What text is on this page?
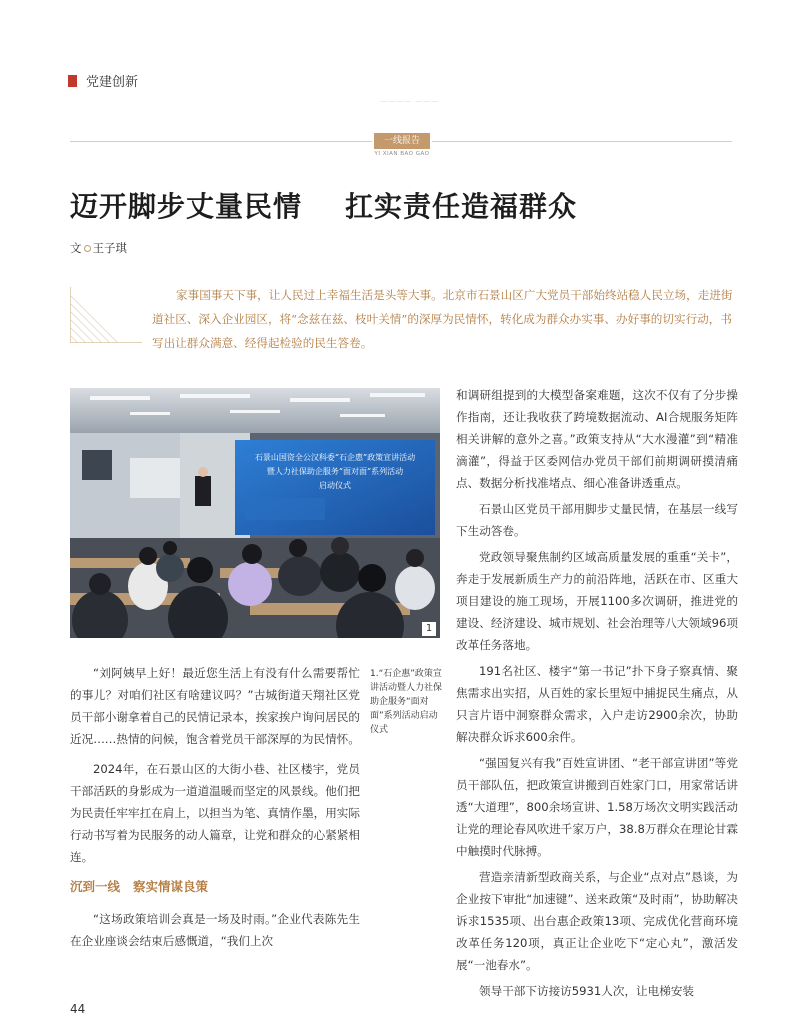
党建创新
———— ———
一线报告
YI XIAN BAO GAO
迈开脚步丈量民情    扛实责任造福群众
文 王子琪

家事国事天下事，让人民过上幸福生活是头等大事。北京市石景山区广大党员干部始终站稳人民立场，走进街道社区、深入企业园区，将“念兹在兹、枝叶关情”的深厚为民情怀，转化成为群众办实事、办好事的切实行动，书写出让群众满意、经得起检验的民生答卷。

石景山国资全公汉科委“石企惠”政策宣讲活动
暨人力社保助企服务“面对面”系列活动
启动仪式
1
1.“石企惠”政策宣讲活动暨人力社保助企服务“面对面”系列活动启动仪式

“刘阿姨早上好！最近您生活上有没有什么需要帮忙的事儿？对咱们社区有啥建议吗？”古城街道天翔社区党员干部小谢拿着自己的民情记录本，挨家挨户询问居民的近况……热情的问候，饱含着党员干部深厚的为民情怀。

2024年，在石景山区的大街小巷、社区楼宇，党员干部活跃的身影成为一道道温暖而坚定的风景线。他们把为民责任牢牢扛在肩上，以担当为笔、真情作墨，用实际行动书写着为民服务的动人篇章，让党和群众的心紧紧相连。

沉到一线   察实情谋良策

“这场政策培训会真是一场及时雨。”企业代表陈先生在企业座谈会结束后感慨道，“我们上次

和调研组提到的大模型备案难题，这次不仅有了分步操作指南，还让我收获了跨境数据流动、AI合规服务矩阵相关讲解的意外之喜。”政策支持从“大水漫灌”到“精准滴灌”，得益于区委网信办党员干部们前期调研摸清痛点、数据分析找准堵点、细心准备讲透重点。

石景山区党员干部用脚步丈量民情，在基层一线写下生动答卷。

党政领导聚焦制约区域高质量发展的重重“关卡”，奔走于发展新质生产力的前沿阵地，活跃在市、区重大项目建设的施工现场，开展1100多次调研，推进党的建设、经济建设、城市规划、社会治理等八大领域96项改革任务落地。

191名社区、楼宇“第一书记”扑下身子察真情、聚焦需求出实招，从百姓的家长里短中捕捉民生痛点，从只言片语中洞察群众需求，入户走访2900余次，协助解决群众诉求600余件。

“强国复兴有我”百姓宣讲团、“老干部宣讲团”等党员干部队伍，把政策宣讲搬到百姓家门口，用家常话讲透“大道理”，800余场宣讲、1.58万场次文明实践活动让党的理论春风吹进千家万户，38.8万群众在理论甘霖中触摸时代脉搏。

营造亲清新型政商关系，与企业“点对点”恳谈，为企业按下审批“加速键”、送来政策“及时雨”，协助解决诉求1535项、出台惠企政策13项、完成优化营商环境改革任务120项，真正让企业吃下“定心丸”，激活发展“一池春水”。

领导干部下访接访5931人次，让电梯安装

44
